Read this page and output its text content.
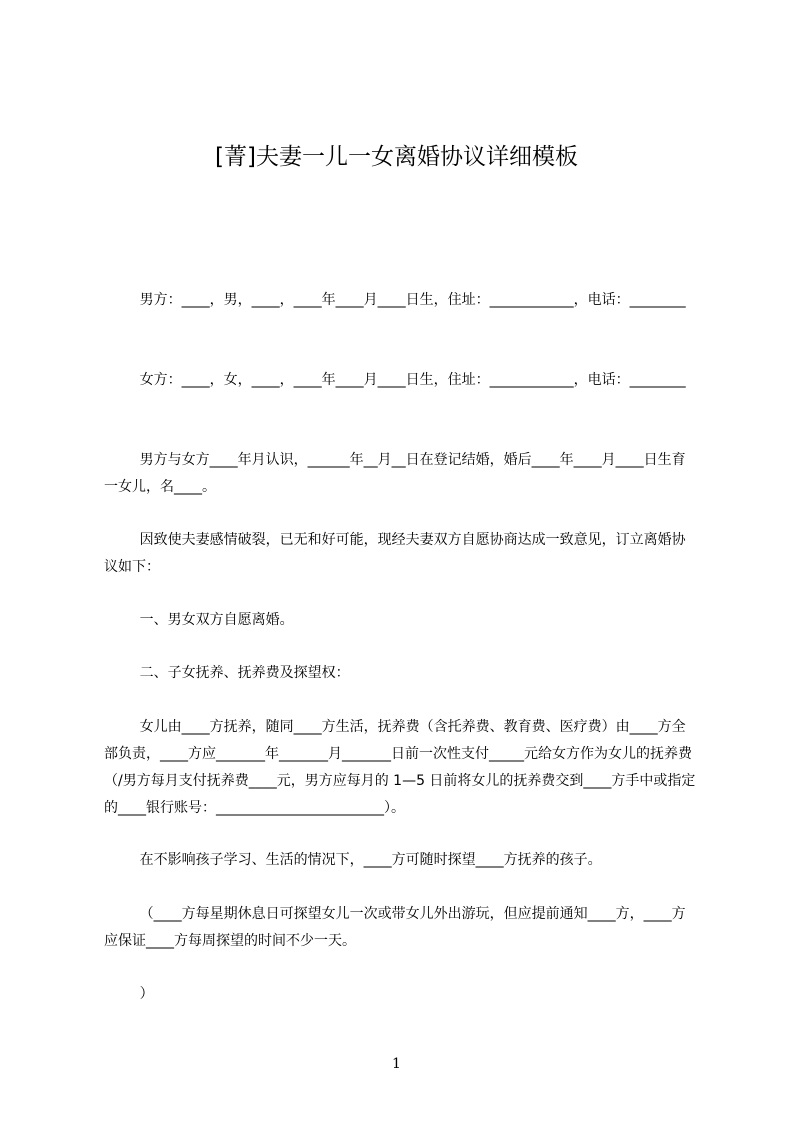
[菁]夫妻一儿一女离婚协议详细模板
男方：____，男，____，____年____月____日生，住址：____________，电话：________
女方：____，女，____，____年____月____日生，住址：____________，电话：________
男方与女方____年月认识，______年__月__日在登记结婚，婚后____年____月____日生育一女儿，名____。
因致使夫妻感情破裂，已无和好可能，现经夫妻双方自愿协商达成一致意见，订立离婚协议如下：
一、男女双方自愿离婚。
二、子女抚养、抚养费及探望权：
女儿由____方抚养，随同____方生活，抚养费（含托养费、教育费、医疗费）由____方全部负责，____方应_______年_______月_______日前一次性支付_____元给女方作为女儿的抚养费（/男方每月支付抚养费____元，男方应每月的 1—5 日前将女儿的抚养费交到____方手中或指定的____银行账号：________________________）。
在不影响孩子学习、生活的情况下，____方可随时探望____方抚养的孩子。
（____方每星期休息日可探望女儿一次或带女儿外出游玩，但应提前通知____方，____方应保证____方每周探望的时间不少一天。
）
1
